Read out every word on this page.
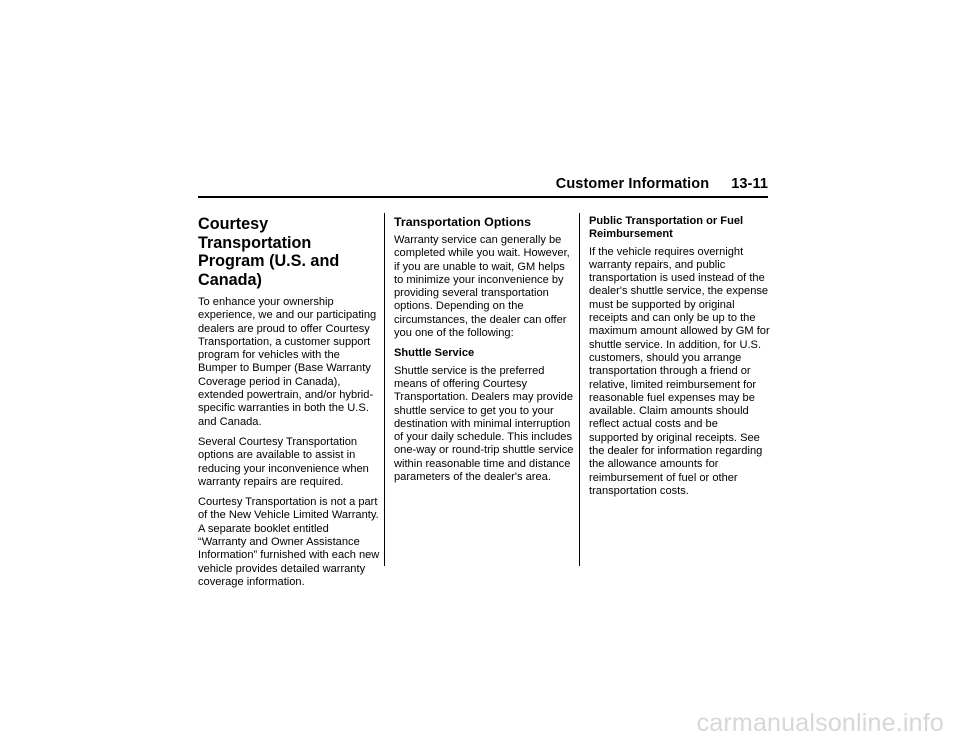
Customer Information 13-11
Courtesy Transportation Program (U.S. and Canada)

To enhance your ownership experience, we and our participating dealers are proud to offer Courtesy Transportation, a customer support program for vehicles with the Bumper to Bumper (Base Warranty Coverage period in Canada), extended powertrain, and/or hybrid-specific warranties in both the U.S. and Canada.

Several Courtesy Transportation options are available to assist in reducing your inconvenience when warranty repairs are required.

Courtesy Transportation is not a part of the New Vehicle Limited Warranty. A separate booklet entitled “Warranty and Owner Assistance Information” furnished with each new vehicle provides detailed warranty coverage information.

Transportation Options

Warranty service can generally be completed while you wait. However, if you are unable to wait, GM helps to minimize your inconvenience by providing several transportation options. Depending on the circumstances, the dealer can offer you one of the following:

Shuttle Service

Shuttle service is the preferred means of offering Courtesy Transportation. Dealers may provide shuttle service to get you to your destination with minimal interruption of your daily schedule. This includes one-way or round-trip shuttle service within reasonable time and distance parameters of the dealer's area.

Public Transportation or Fuel Reimbursement

If the vehicle requires overnight warranty repairs, and public transportation is used instead of the dealer's shuttle service, the expense must be supported by original receipts and can only be up to the maximum amount allowed by GM for shuttle service. In addition, for U.S. customers, should you arrange transportation through a friend or relative, limited reimbursement for reasonable fuel expenses may be available. Claim amounts should reflect actual costs and be supported by original receipts. See the dealer for information regarding the allowance amounts for reimbursement of fuel or other transportation costs.

carmanualsonline.info
